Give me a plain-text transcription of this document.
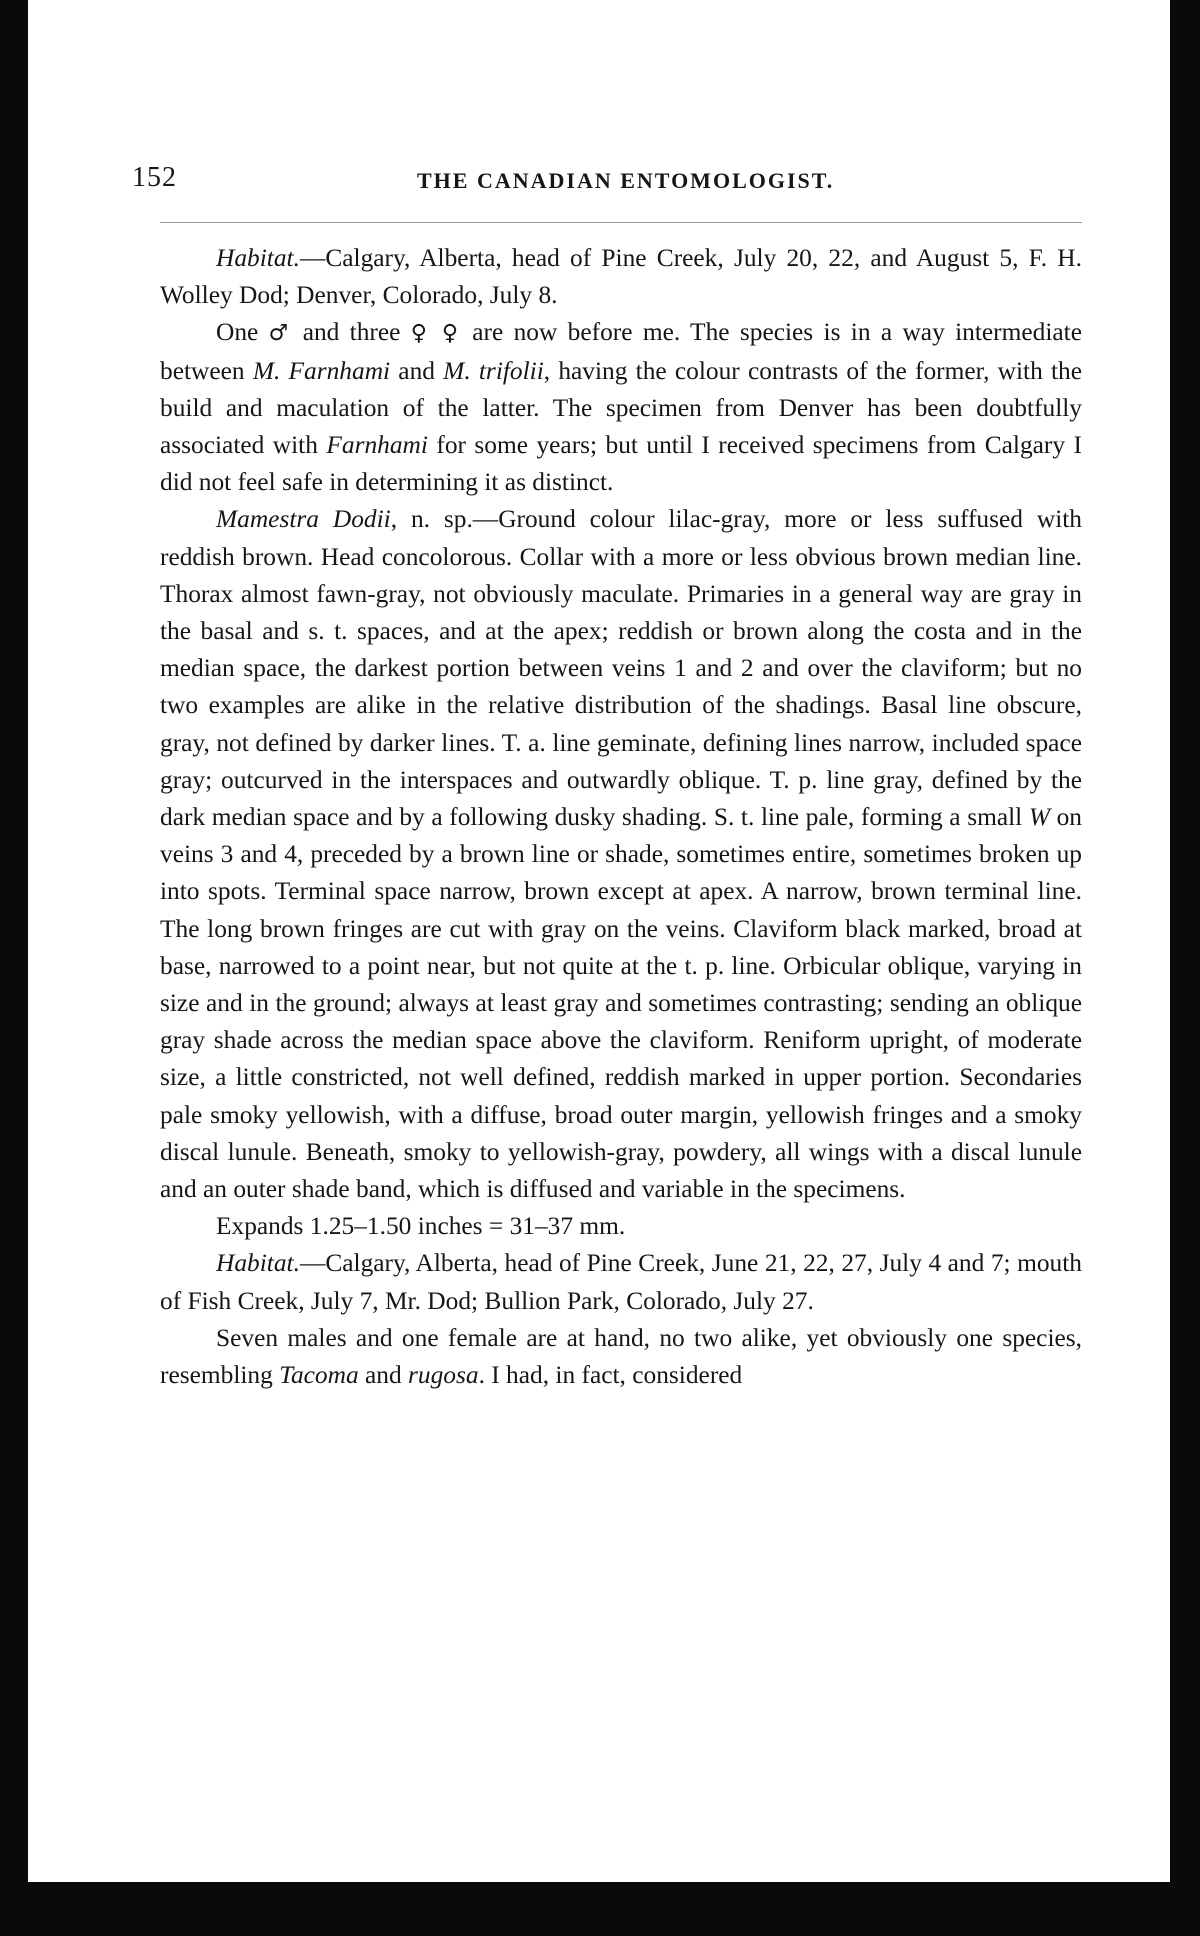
152	THE CANADIAN ENTOMOLOGIST.

Habitat.—Calgary, Alberta, head of Pine Creek, July 20, 22, and August 5, F. H. Wolley Dod; Denver, Colorado, July 8.

One ♂ and three ♀ ♀ are now before me. The species is in a way intermediate between M. Farnhami and M. trifolii, having the colour contrasts of the former, with the build and maculation of the latter. The specimen from Denver has been doubtfully associated with Farnhami for some years; but until I received specimens from Calgary I did not feel safe in determining it as distinct.

Mamestra Dodii, n. sp.—Ground colour lilac-gray, more or less suffused with reddish brown. Head concolorous. Collar with a more or less obvious brown median line. Thorax almost fawn-gray, not obviously maculate. Primaries in a general way are gray in the basal and s. t. spaces, and at the apex; reddish or brown along the costa and in the median space, the darkest portion between veins 1 and 2 and over the claviform; but no two examples are alike in the relative distribution of the shadings. Basal line obscure, gray, not defined by darker lines. T. a. line geminate, defining lines narrow, included space gray; outcurved in the interspaces and outwardly oblique. T. p. line gray, defined by the dark median space and by a following dusky shading. S. t. line pale, forming a small W on veins 3 and 4, preceded by a brown line or shade, sometimes entire, sometimes broken up into spots. Terminal space narrow, brown except at apex. A narrow, brown terminal line. The long brown fringes are cut with gray on the veins. Claviform black marked, broad at base, narrowed to a point near, but not quite at the t. p. line. Orbicular oblique, varying in size and in the ground; always at least gray and sometimes contrasting; sending an oblique gray shade across the median space above the claviform. Reniform upright, of moderate size, a little constricted, not well defined, reddish marked in upper portion. Secondaries pale smoky yellowish, with a diffuse, broad outer margin, yellowish fringes and a smoky discal lunule. Beneath, smoky to yellowish-gray, powdery, all wings with a discal lunule and an outer shade band, which is diffused and variable in the specimens.

Expands 1.25–1.50 inches = 31–37 mm.

Habitat.—Calgary, Alberta, head of Pine Creek, June 21, 22, 27, July 4 and 7; mouth of Fish Creek, July 7, Mr. Dod; Bullion Park, Colorado, July 27.

Seven males and one female are at hand, no two alike, yet obviously one species, resembling Tacoma and rugosa. I had, in fact, considered
